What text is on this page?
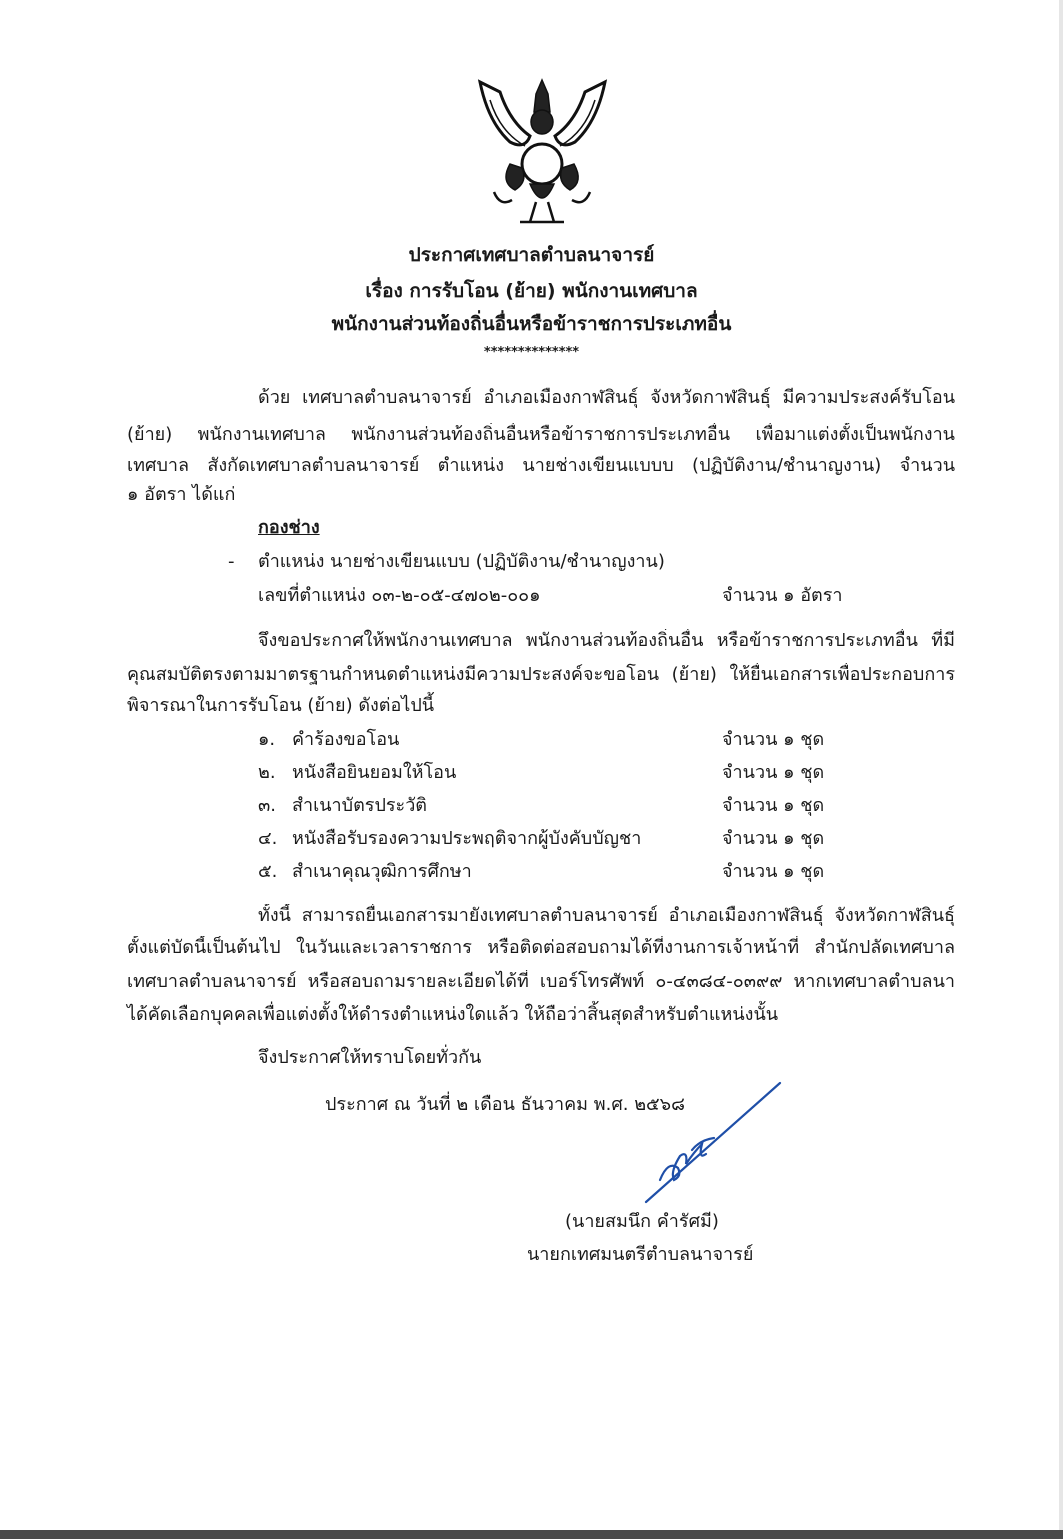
ประกาศเทศบาลตำบลนาจารย์
เรื่อง การรับโอน (ย้าย) พนักงานเทศบาล
พนักงานส่วนท้องถิ่นอื่นหรือข้าราชการประเภทอื่น
**************
ด้วย เทศบาลตำบลนาจารย์ อำเภอเมืองกาฬสินธุ์ จังหวัดกาฬสินธุ์ มีความประสงค์รับโอน
(ย้าย) พนักงานเทศบาล พนักงานส่วนท้องถิ่นอื่นหรือข้าราชการประเภทอื่น เพื่อมาแต่งตั้งเป็นพนักงาน
เทศบาล สังกัดเทศบาลตำบลนาจารย์ ตำแหน่ง นายช่างเขียนแบบบ (ปฏิบัติงาน/ชำนาญงาน) จำนวน
๑ อัตรา ได้แก่
กองช่าง
- ตำแหน่ง นายช่างเขียนแบบ (ปฏิบัติงาน/ชำนาญงาน)
เลขที่ตำแหน่ง ๐๓-๒-๐๕-๔๗๐๒-๐๐๑	จำนวน ๑ อัตรา
จึงขอประกาศให้พนักงานเทศบาล พนักงานส่วนท้องถิ่นอื่น หรือข้าราชการประเภทอื่น ที่มี
คุณสมบัติตรงตามมาตรฐานกำหนดตำแหน่งมีความประสงค์จะขอโอน (ย้าย) ให้ยื่นเอกสารเพื่อประกอบการ
พิจารณาในการรับโอน (ย้าย) ดังต่อไปนี้
๑. คำร้องขอโอน	จำนวน ๑ ชุด
๒. หนังสือยินยอมให้โอน	จำนวน ๑ ชุด
๓. สำเนาบัตรประวัติ	จำนวน ๑ ชุด
๔. หนังสือรับรองความประพฤติจากผู้บังคับบัญชา	จำนวน ๑ ชุด
๕. สำเนาคุณวุฒิการศึกษา	จำนวน ๑ ชุด
ทั้งนี้ สามารถยื่นเอกสารมายังเทศบาลตำบลนาจารย์ อำเภอเมืองกาฬสินธุ์ จังหวัดกาฬสินธุ์
ตั้งแต่บัดนี้เป็นต้นไป ในวันและเวลาราชการ หรือติดต่อสอบถามได้ที่งานการเจ้าหน้าที่ สำนักปลัดเทศบาล
เทศบาลตำบลนาจารย์ หรือสอบถามรายละเอียดได้ที่ เบอร์โทรศัพท์ ๐-๔๓๘๔-๐๓๙๙ หากเทศบาลตำบลนา
ได้คัดเลือกบุคคลเพื่อแต่งตั้งให้ดำรงตำแหน่งใดแล้ว ให้ถือว่าสิ้นสุดสำหรับตำแหน่งนั้น
จึงประกาศให้ทราบโดยทั่วกัน
ประกาศ ณ วันที่ ๒ เดือน ธันวาคม พ.ศ. ๒๕๖๘
(นายสมนึก คำรัศมี)
นายกเทศมนตรีตำบลนาจารย์
